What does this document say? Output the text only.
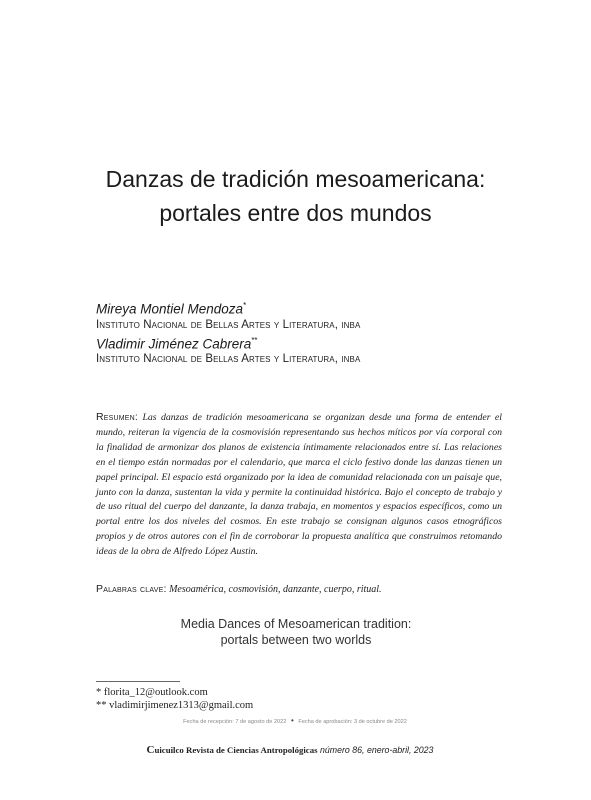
Danzas de tradición mesoamericana:
portales entre dos mundos
Mireya Montiel Mendoza*
Instituto Nacional de Bellas Artes y Literatura, inba
Vladimir Jiménez Cabrera**
Instituto Nacional de Bellas Artes y Literatura, inba
Resumen: Las danzas de tradición mesoamericana se organizan desde una forma de entender el mundo, reiteran la vigencia de la cosmovisión representando sus hechos míticos por vía corporal con la finalidad de armonizar dos planos de existencia íntimamente relacionados entre sí. Las relaciones en el tiempo están normadas por el calendario, que marca el ciclo festivo donde las danzas tienen un papel principal. El espacio está organizado por la idea de comunidad relacionada con un paisaje que, junto con la danza, sustentan la vida y permite la continuidad histórica. Bajo el concepto de trabajo y de uso ritual del cuerpo del danzante, la danza trabaja, en momentos y espacios específicos, como un portal entre los dos niveles del cosmos. En este trabajo se consignan algunos casos etnográficos propios y de otros autores con el fin de corroborar la propuesta analítica que construimos retomando ideas de la obra de Alfredo López Austin.
Palabras clave: Mesoamérica, cosmovisión, danzante, cuerpo, ritual.
Media Dances of Mesoamerican tradition:
portals between two worlds
* florita_12@outlook.com
** vladimirjimenez1313@gmail.com
Fecha de recepción: 7 de agosto de 2022 • Fecha de aprobación: 3 de octubre de 2022
Cuicuilco Revista de Ciencias Antropológicas número 86, enero-abril, 2023
